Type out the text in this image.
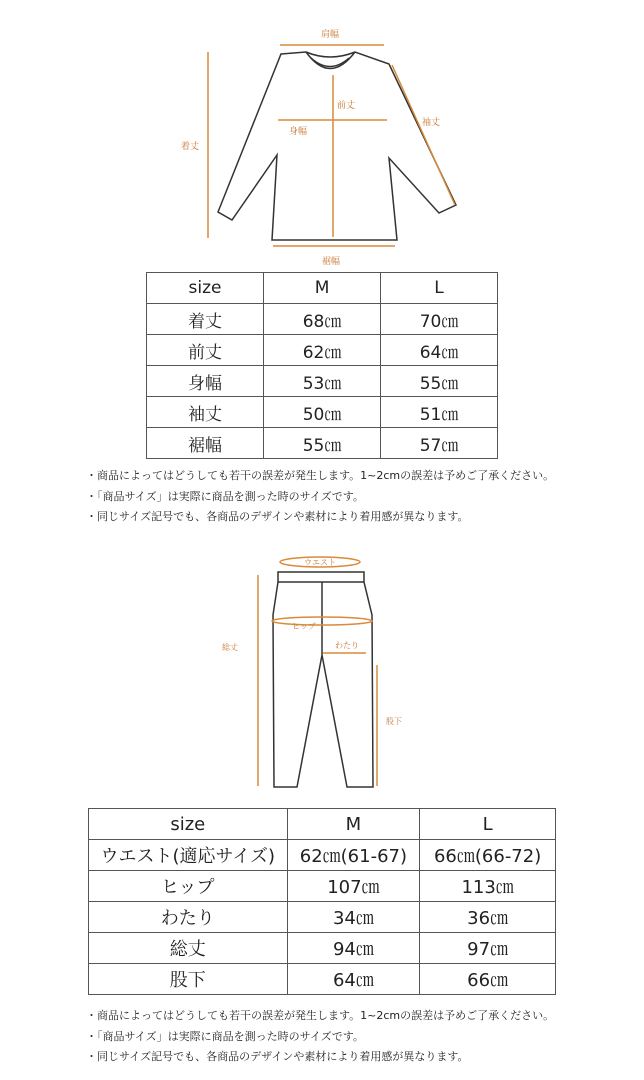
肩幅
前丈
身幅
袖丈
着丈
裾幅
size	M	L
着丈	68㎝	70㎝
前丈	62㎝	64㎝
身幅	53㎝	55㎝
袖丈	50㎝	51㎝
裾幅	55㎝	57㎝
・商品によってはどうしても若干の誤差が発生します。1~2cmの誤差は予めご了承ください。
・「商品サイズ」は実際に商品を測った時のサイズです。
・同じサイズ記号でも、各商品のデザインや素材により着用感が異なります。
ウエスト
ヒップ
わたり
総丈
股下
size	M	L
ウエスト(適応サイズ)	62㎝(61-67)	66㎝(66-72)
ヒップ	107㎝	113㎝
わたり	34㎝	36㎝
総丈	94㎝	97㎝
股下	64㎝	66㎝
・商品によってはどうしても若干の誤差が発生します。1~2cmの誤差は予めご了承ください。
・「商品サイズ」は実際に商品を測った時のサイズです。
・同じサイズ記号でも、各商品のデザインや素材により着用感が異なります。
